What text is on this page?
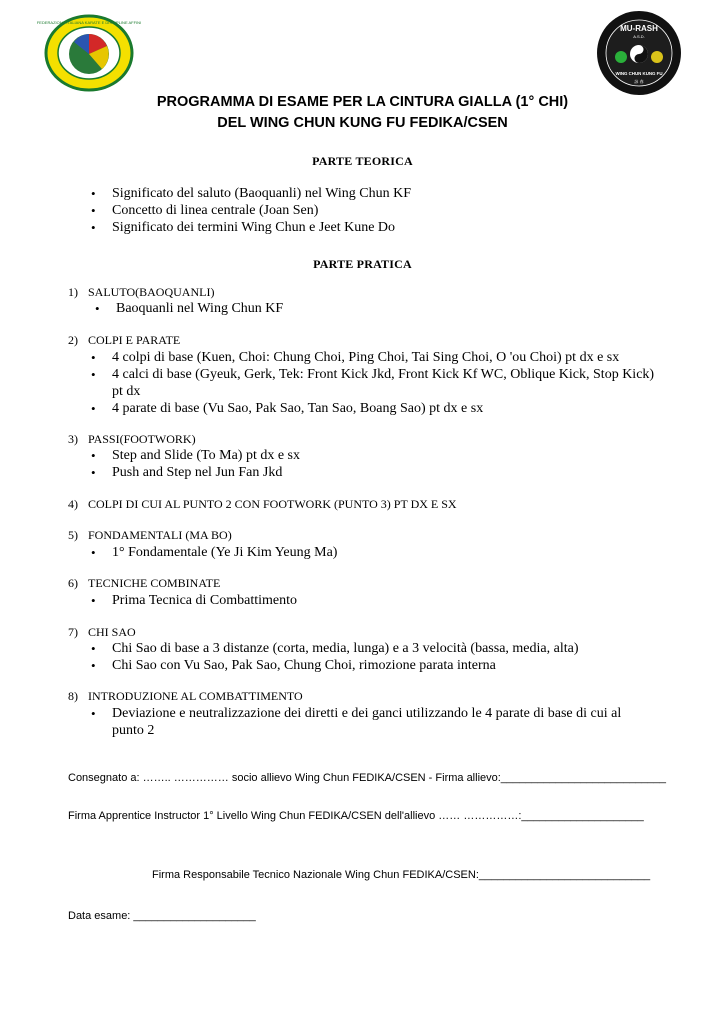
FEDERAZIONE ITALIANA KARATE E DISCIPLINE AFFINI
MU-RASH
A.S.D.
WING CHUN KUNG FU
詠 春
PROGRAMMA DI ESAME PER LA CINTURA GIALLA (1° CHI)
DEL WING CHUN KUNG FU FEDIKA/CSEN
PARTE TEORICA
• Significato del saluto (Baoquanli) nel Wing Chun KF
• Concetto di linea centrale (Joan Sen)
• Significato dei termini Wing Chun e Jeet Kune Do
PARTE PRATICA
1) SALUTO(BAOQUANLI)
• Baoquanli nel Wing Chun KF
2) COLPI E PARATE
• 4 colpi di base (Kuen, Choi: Chung Choi, Ping Choi, Tai Sing Choi, O 'ou Choi) pt dx e sx
• 4 calci di base (Gyeuk, Gerk, Tek: Front Kick Jkd, Front Kick Kf WC, Oblique Kick, Stop Kick) pt dx
• 4 parate di base (Vu Sao, Pak Sao, Tan Sao, Boang Sao) pt dx e sx
3) PASSI(FOOTWORK)
• Step and Slide (To Ma) pt dx e sx
• Push and Step nel Jun Fan Jkd
4) COLPI DI CUI AL PUNTO 2 CON FOOTWORK (PUNTO 3) PT DX E SX
5) FONDAMENTALI (MA BO)
• 1° Fondamentale (Ye Ji Kim Yeung Ma)
6) TECNICHE COMBINATE
• Prima Tecnica di Combattimento
7) CHI SAO
• Chi Sao di base a 3 distanze (corta, media, lunga) e a 3 velocità (bassa, media, alta)
• Chi Sao con Vu Sao, Pak Sao, Chung Choi, rimozione parata interna
8) INTRODUZIONE AL COMBATTIMENTO
• Deviazione e neutralizzazione dei diretti e dei ganci utilizzando le 4 parate di base di cui al punto 2
Consegnato a: …….. …………… socio allievo Wing Chun FEDIKA/CSEN - Firma allievo:___________________________
Firma Apprentice Instructor 1° Livello Wing Chun FEDIKA/CSEN dell'allievo …… ……………:____________________
Firma Responsabile Tecnico Nazionale Wing Chun FEDIKA/CSEN:____________________________
Data esame: ____________________
